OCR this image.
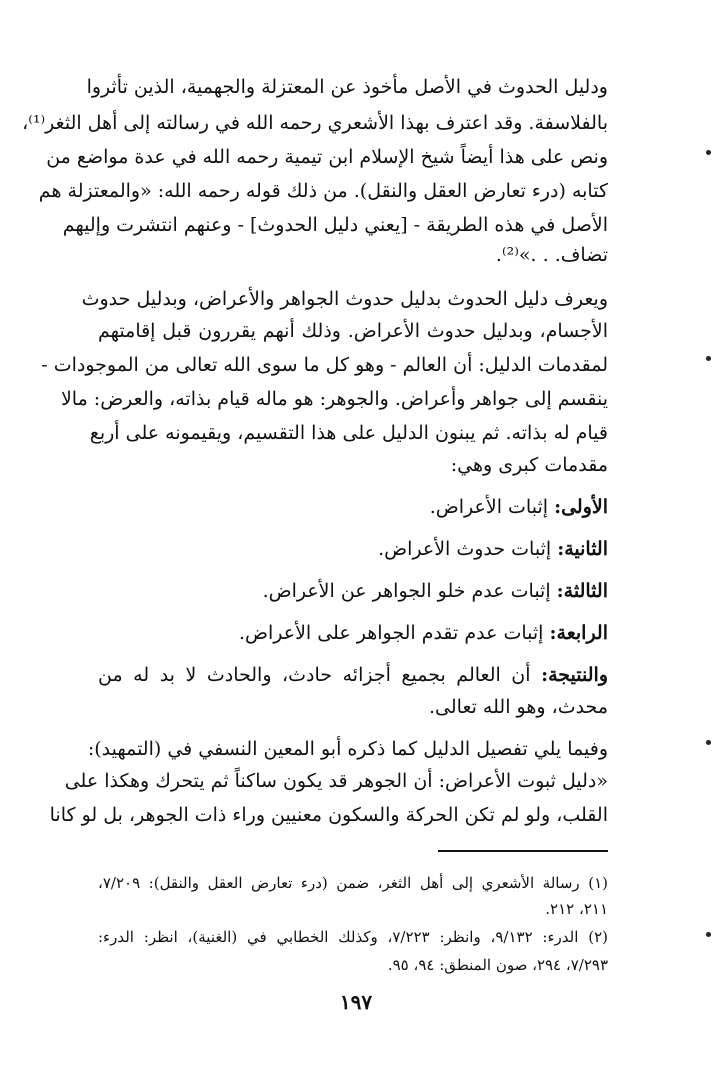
ودليل الحدوث في الأصل مأخوذ عن المعتزلة والجهمية، الذين تأثروا
بالفلاسفة. وقد اعترف بهذا الأشعري رحمه الله في رسالته إلى أهل الثغر⁽¹⁾،
ونص على هذا أيضاً شيخ الإسلام ابن تيمية رحمه الله في عدة مواضع من
كتابه (درء تعارض العقل والنقل). من ذلك قوله رحمه الله: «والمعتزلة هم
الأصل في هذه الطريقة - [يعني دليل الحدوث] - وعنهم انتشرت وإليهم
تضاف. . .»⁽²⁾.
ويعرف دليل الحدوث بدليل حدوث الجواهر والأعراض، وبدليل حدوث
الأجسام، وبدليل حدوث الأعراض. وذلك أنهم يقررون قبل إقامتهم
لمقدمات الدليل: أن العالم - وهو كل ما سوى الله تعالى من الموجودات -
ينقسم إلى جواهر وأعراض. والجوهر: هو ماله قيام بذاته، والعرض: مالا
قيام له بذاته. ثم يبنون الدليل على هذا التقسيم، ويقيمونه على أربع
مقدمات كبرى وهي:
الأولى: إثبات الأعراض.
الثانية: إثبات حدوث الأعراض.
الثالثة: إثبات عدم خلو الجواهر عن الأعراض.
الرابعة: إثبات عدم تقدم الجواهر على الأعراض.
والنتيجة: أن العالم بجميع أجزائه حادث، والحادث لا بد له من
محدث، وهو الله تعالى.
وفيما يلي تفصيل الدليل كما ذكره أبو المعين النسفي في (التمهيد):
«دليل ثبوت الأعراض: أن الجوهر قد يكون ساكناً ثم يتحرك وهكذا على
القلب، ولو لم تكن الحركة والسكون معنيين وراء ذات الجوهر، بل لو كانا
(١) رسالة الأشعري إلى أهل الثغر، ضمن (درء تعارض العقل والنقل): ٧/٢٠٩،
٢١١، ٢١٢.
(٢) الدرء: ٩/١٣٢، وانظر: ٧/٢٢٣، وكذلك الخطابي في (الغنية)، انظر: الدرء:
٧/٢٩٣، ٢٩٤، صون المنطق: ٩٤، ٩٥.
١٩٧
